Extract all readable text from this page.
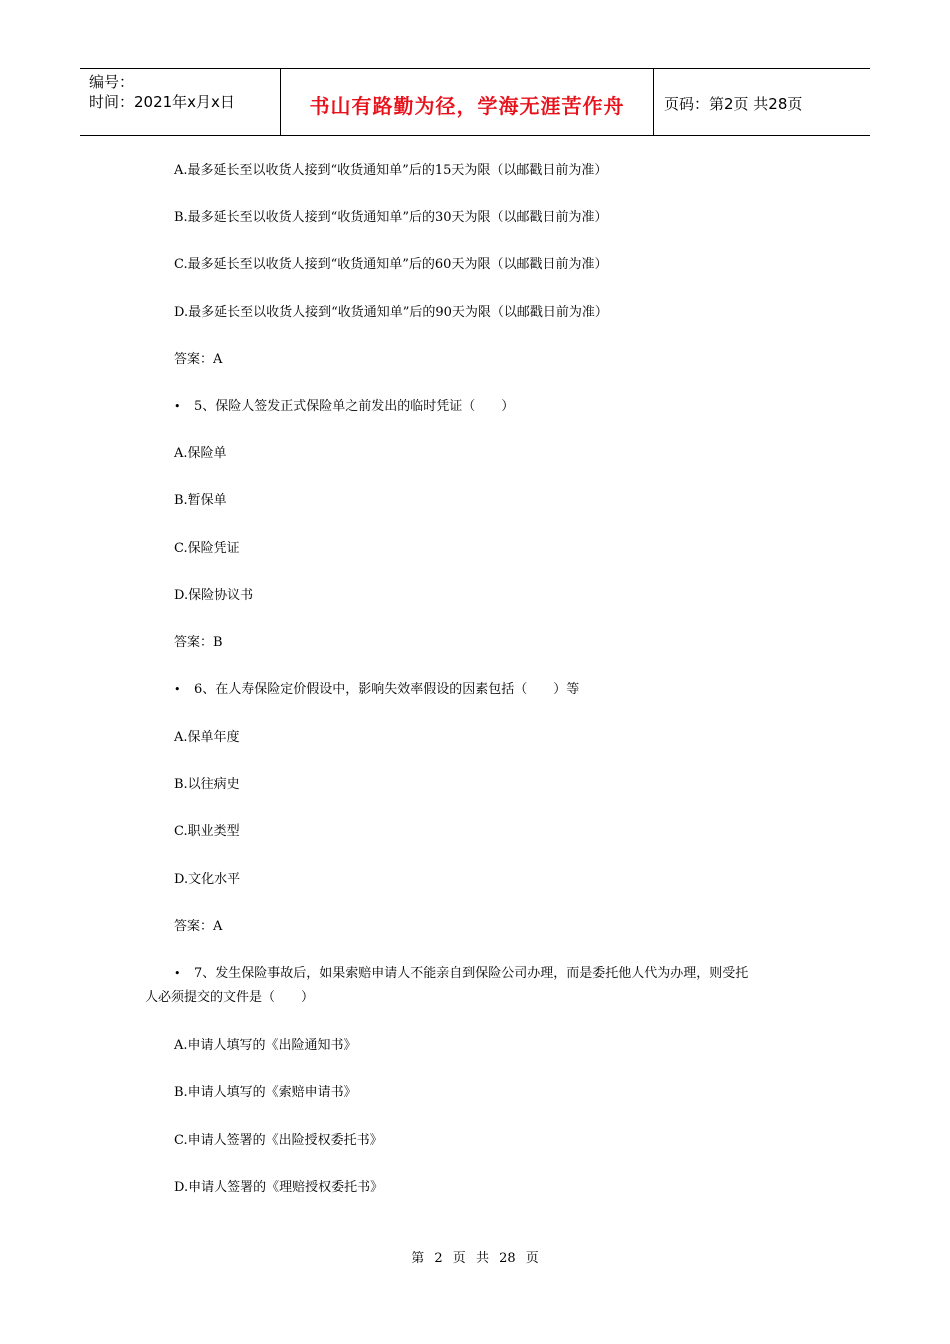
编号：
时间：2021年x月x日	书山有路勤为径，学海无涯苦作舟	页码：第2页 共28页
A.最多延长至以收货人接到“收货通知单”后的15天为限（以邮戳日前为准）
B.最多延长至以收货人接到“收货通知单”后的30天为限（以邮戳日前为准）
C.最多延长至以收货人接到“收货通知单”后的60天为限（以邮戳日前为准）
D.最多延长至以收货人接到“收货通知单”后的90天为限（以邮戳日前为准）
答案：A
• 5、保险人签发正式保险单之前发出的临时凭证（　　）
A.保险单
B.暂保单
C.保险凭证
D.保险协议书
答案：B
• 6、在人寿保险定价假设中，影响失效率假设的因素包括（　　）等
A.保单年度
B.以往病史
C.职业类型
D.文化水平
答案：A
• 7、发生保险事故后，如果索赔申请人不能亲自到保险公司办理，而是委托他人代为办理，则受托
人必须提交的文件是（　　）
A.申请人填写的《出险通知书》
B.申请人填写的《索赔申请书》
C.申请人签署的《出险授权委托书》
D.申请人签署的《理赔授权委托书》
第 2 页 共 28 页
